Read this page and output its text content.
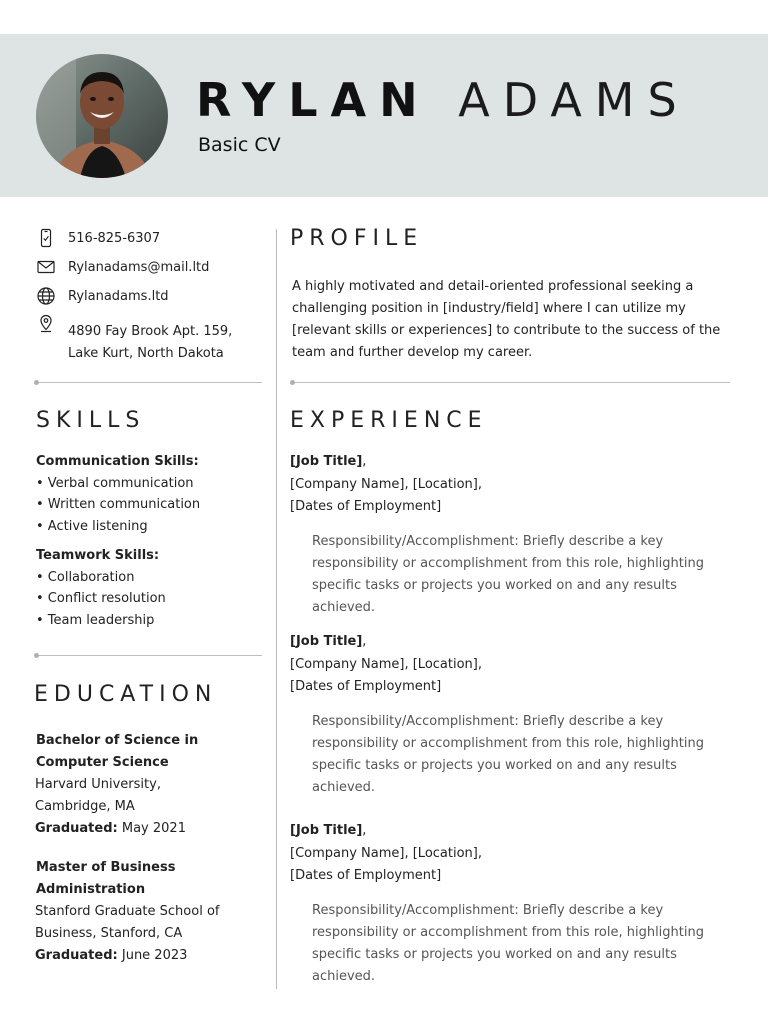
RYLAN ADAMS
Basic CV
516-825-6307
Rylanadams@mail.ltd
Rylanadams.ltd
4890 Fay Brook Apt. 159,
Lake Kurt, North Dakota
SKILLS
Communication Skills:
• Verbal communication
• Written communication
• Active listening
Teamwork Skills:
• Collaboration
• Conflict resolution
• Team leadership
EDUCATION
Bachelor of Science in
Computer Science
Harvard University,
Cambridge, MA
Graduated: May 2021
Master of Business
Administration
Stanford Graduate School of
Business, Stanford, CA
Graduated: June 2023
PROFILE
A highly motivated and detail-oriented professional seeking a challenging position in [industry/field] where I can utilize my [relevant skills or experiences] to contribute to the success of the team and further develop my career.
EXPERIENCE
[Job Title],
[Company Name], [Location],
[Dates of Employment]
Responsibility/Accomplishment: Briefly describe a key responsibility or accomplishment from this role, highlighting specific tasks or projects you worked on and any results achieved.
[Job Title],
[Company Name], [Location],
[Dates of Employment]
Responsibility/Accomplishment: Briefly describe a key responsibility or accomplishment from this role, highlighting specific tasks or projects you worked on and any results achieved.
[Job Title],
[Company Name], [Location],
[Dates of Employment]
Responsibility/Accomplishment: Briefly describe a key responsibility or accomplishment from this role, highlighting specific tasks or projects you worked on and any results achieved.
